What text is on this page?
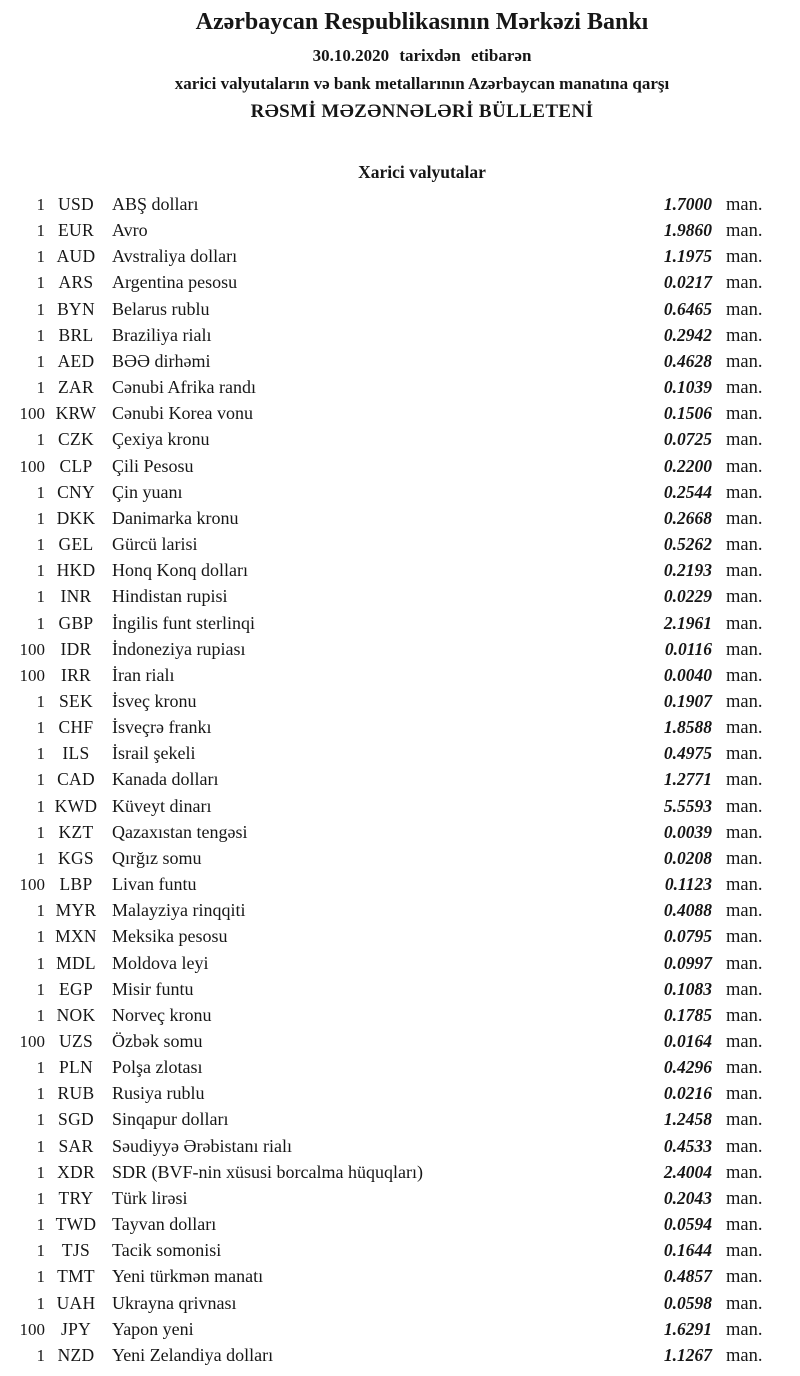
Azərbaycan Respublikasının Mərkəzi Bankı
30.10.2020 tarixdən etibarən
xarici valyutaların və bank metallarının Azərbaycan manatına qarşı
RƏSMİ MƏZƏNNƏLƏRİ BÜLLETENİ
Xarici valyutalar
1 USD	ABŞ dolları	1.7000 man.
1 EUR	Avro	1.9860 man.
1 AUD Avstraliya dolları	1.1975 man.
1 ARS	Argentina pesosu	0.0217 man.
1 BYN Belarus rublu	0.6465 man.
1 BRL	Braziliya rialı	0.2942 man.
1 AED BƏƏ dirhəmi	0.4628 man.
1 ZAR	Cənubi Afrika randı	0.1039 man.
100 KRW Cənubi Korea vonu	0.1506 man.
1 CZK	Çexiya kronu	0.0725 man.
100 CLP	Çili Pesosu	0.2200 man.
1 CNY Çin yuanı	0.2544 man.
1 DKK Danimarka kronu	0.2668 man.
1 GEL	Gürcü larisi	0.5262 man.
1 HKD Honq Konq dolları	0.2193 man.
1 INR	Hindistan rupisi	0.0229 man.
1 GBP	İngilis funt sterlinqi	2.1961 man.
100 IDR	İndoneziya rupiası	0.0116 man.
100 IRR	İran rialı	0.0040 man.
1 SEK	İsveç kronu	0.1907 man.
1 CHF	İsveçrə frankı	1.8588 man.
1 ILS	İsrail şekeli	0.4975 man.
1 CAD Kanada dolları	1.2771 man.
1 KWD Küveyt dinarı	5.5593 man.
1 KZT	Qazaxıstan tengəsi	0.0039 man.
1 KGS	Qırğız somu	0.0208 man.
100 LBP	Livan funtu	0.1123 man.
1 MYR Malayziya rinqqiti	0.4088 man.
1 MXN Meksika pesosu	0.0795 man.
1 MDL Moldova leyi	0.0997 man.
1 EGP	Misir funtu	0.1083 man.
1 NOK Norveç kronu	0.1785 man.
100 UZS	Özbək somu	0.0164 man.
1 PLN	Polşa zlotası	0.4296 man.
1 RUB Rusiya rublu	0.0216 man.
1 SGD	Sinqapur dolları	1.2458 man.
1 SAR	Səudiyyə Ərəbistanı rialı	0.4533 man.
1 XDR SDR (BVF-nin xüsusi borcalma hüquqları)	2.4004 man.
1 TRY	Türk lirəsi	0.2043 man.
1 TWD Tayvan dolları	0.0594 man.
1 TJS	Tacik somonisi	0.1644 man.
1 TMT Yeni türkmən manatı	0.4857 man.
1 UAH Ukrayna qrivnası	0.0598 man.
100 JPY	Yapon yeni	1.6291 man.
1 NZD Yeni Zelandiya dolları	1.1267 man.
